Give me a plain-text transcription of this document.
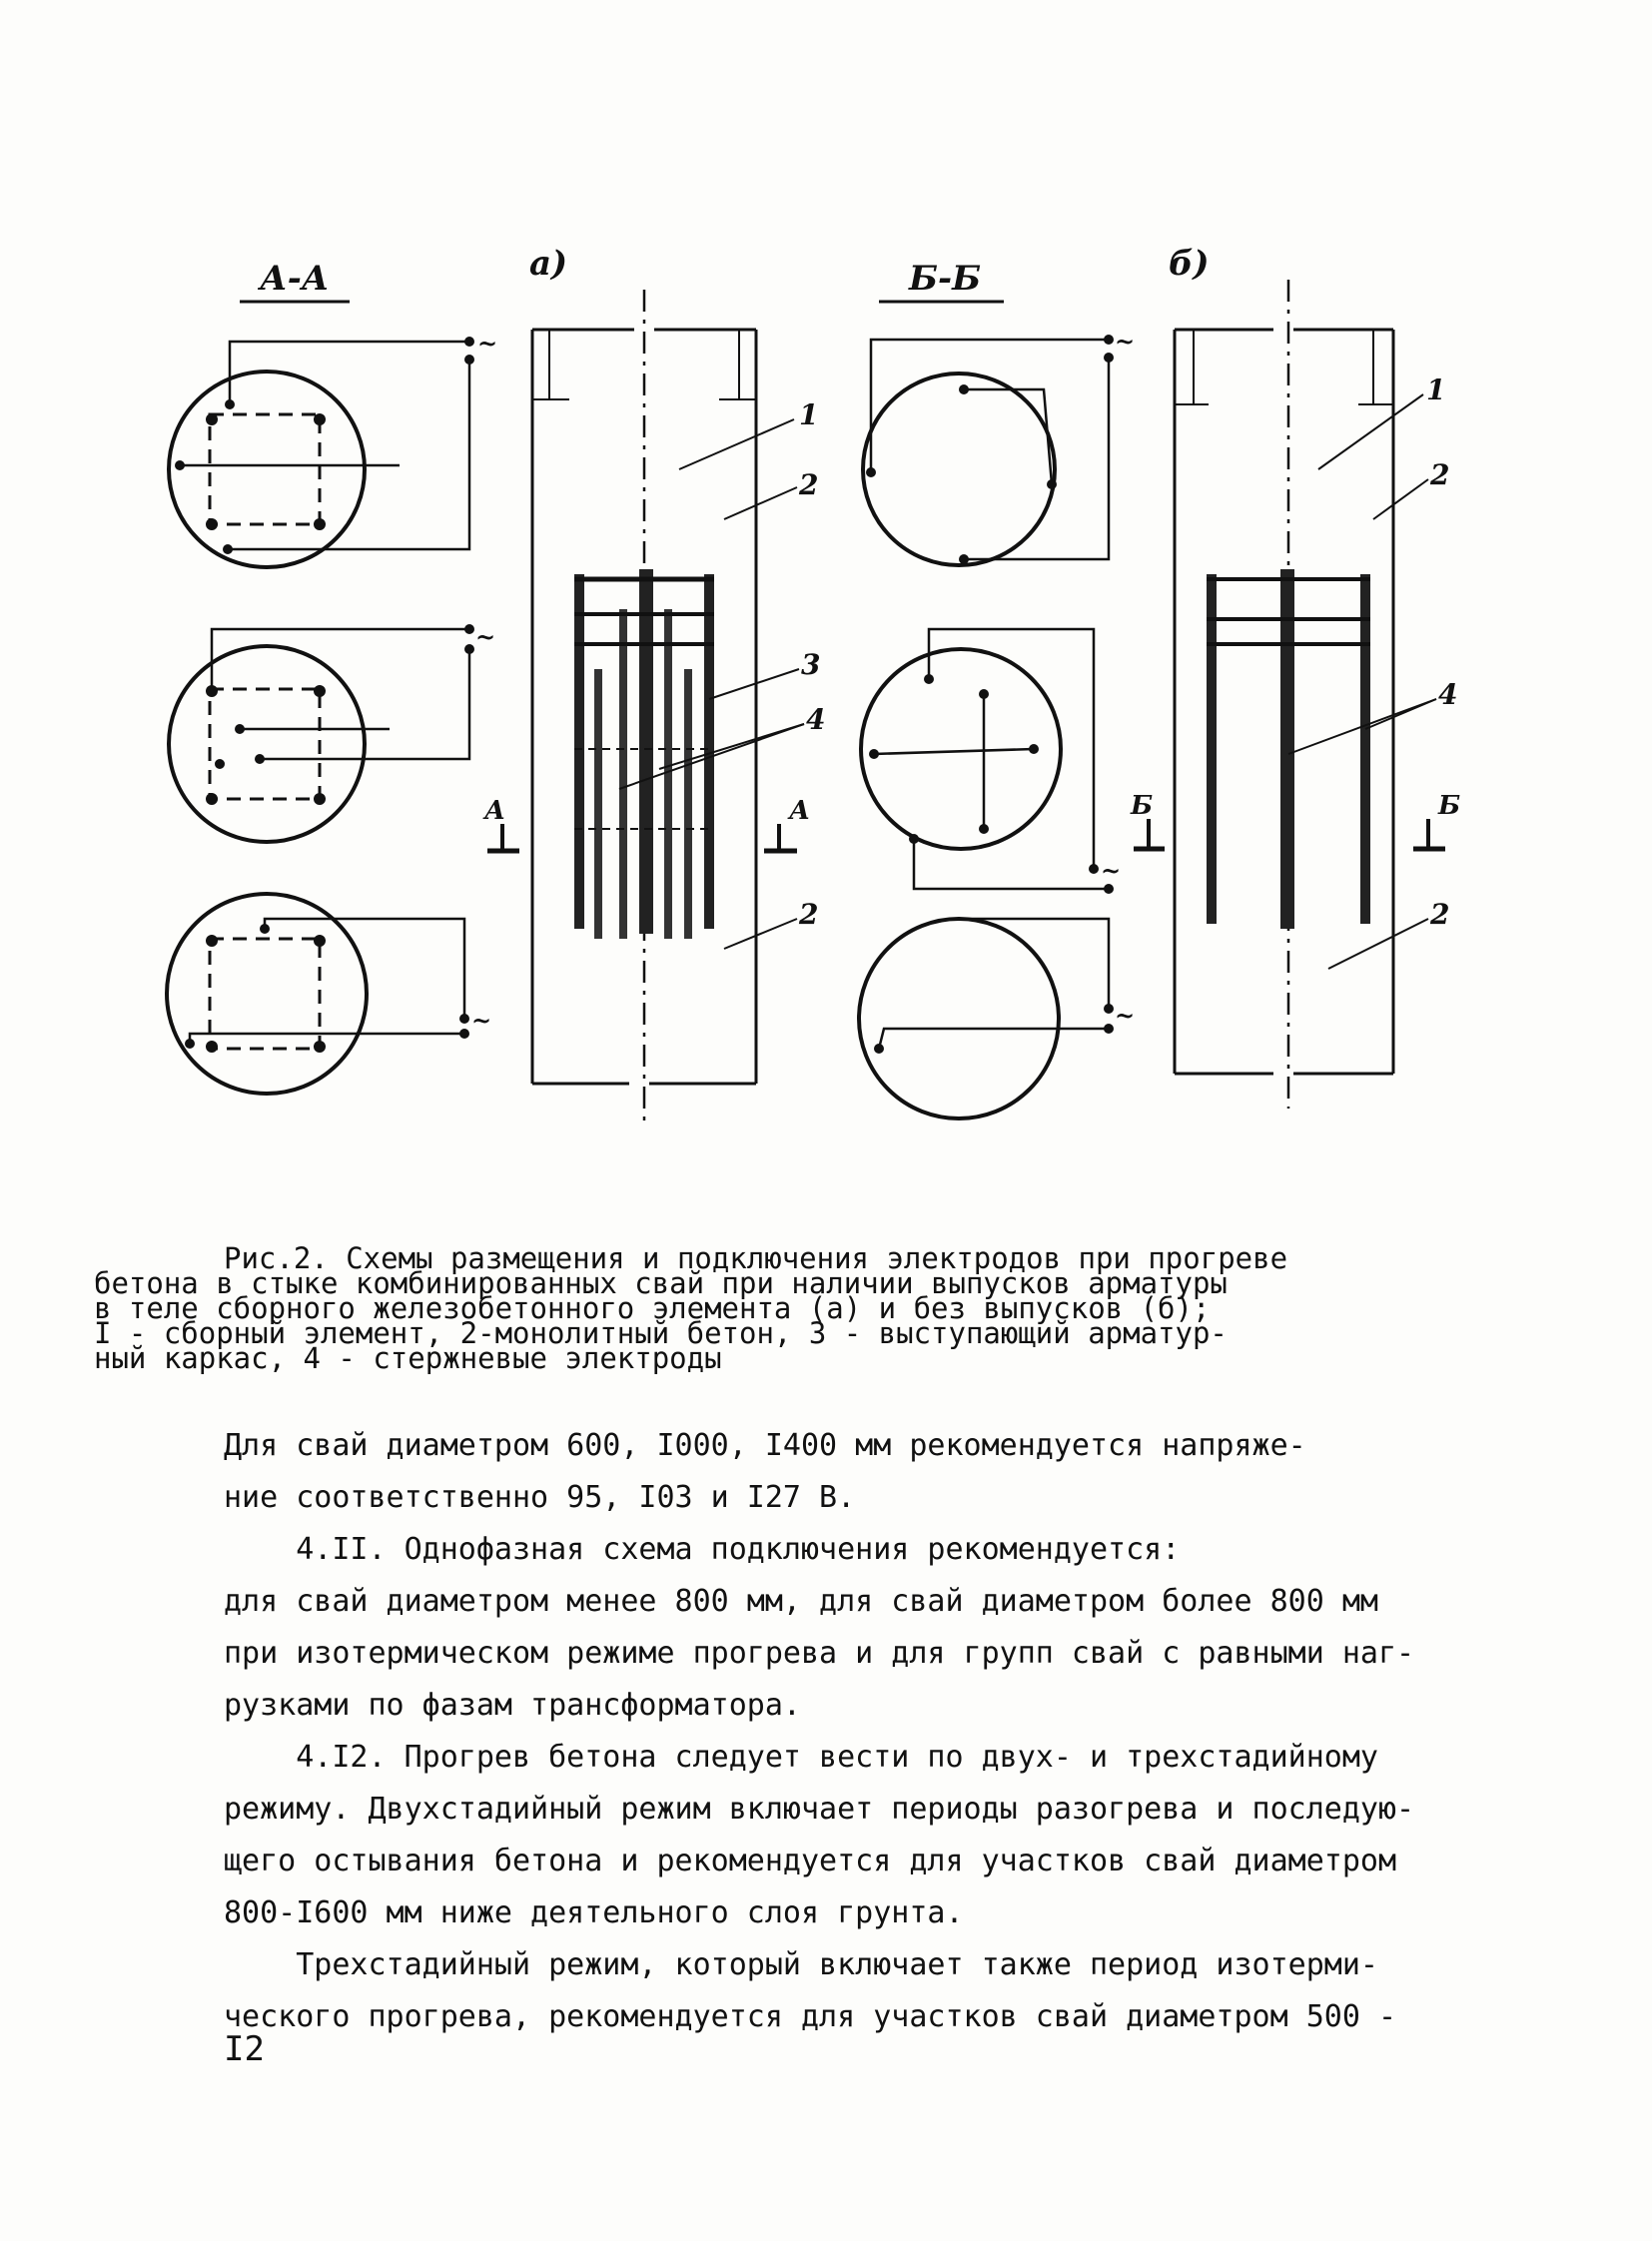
А-А
~
~
~
а)
1
2
3
4
2
А	А
Б-Б
~
~
~
б)
1
2
4
2
Б	Б

Рис.2. Схемы размещения и подключения электродов при прогреве

бетона в стыке комбинированных свай при наличии выпусков арматуры

в теле сборного железобетонного элемента (а) и без выпусков (б);

I - сборный элемент, 2-монолитный бетон, 3 - выступающий арматур-

ный каркас, 4 - стержневые электроды

Для свай диаметром 600, I000, I400 мм рекомендуется напряже-

ние соответственно 95, I03 и I27 В.

4.II. Однофазная схема подключения рекомендуется:

для свай диаметром менее 800 мм, для свай диаметром более 800 мм

при изотермическом режиме прогрева и для групп свай с равными наг-

рузками по фазам трансформатора.

4.I2. Прогрев бетона следует вести по двух- и трехстадийному

режиму. Двухстадийный режим включает периоды разогрева и последую-

щего остывания бетона и рекомендуется для участков свай диаметром

800-I600 мм ниже деятельного слоя грунта.

Трехстадийный режим, который включает также период изотерми-

ческого прогрева, рекомендуется для участков свай диаметром 500 -

I2
